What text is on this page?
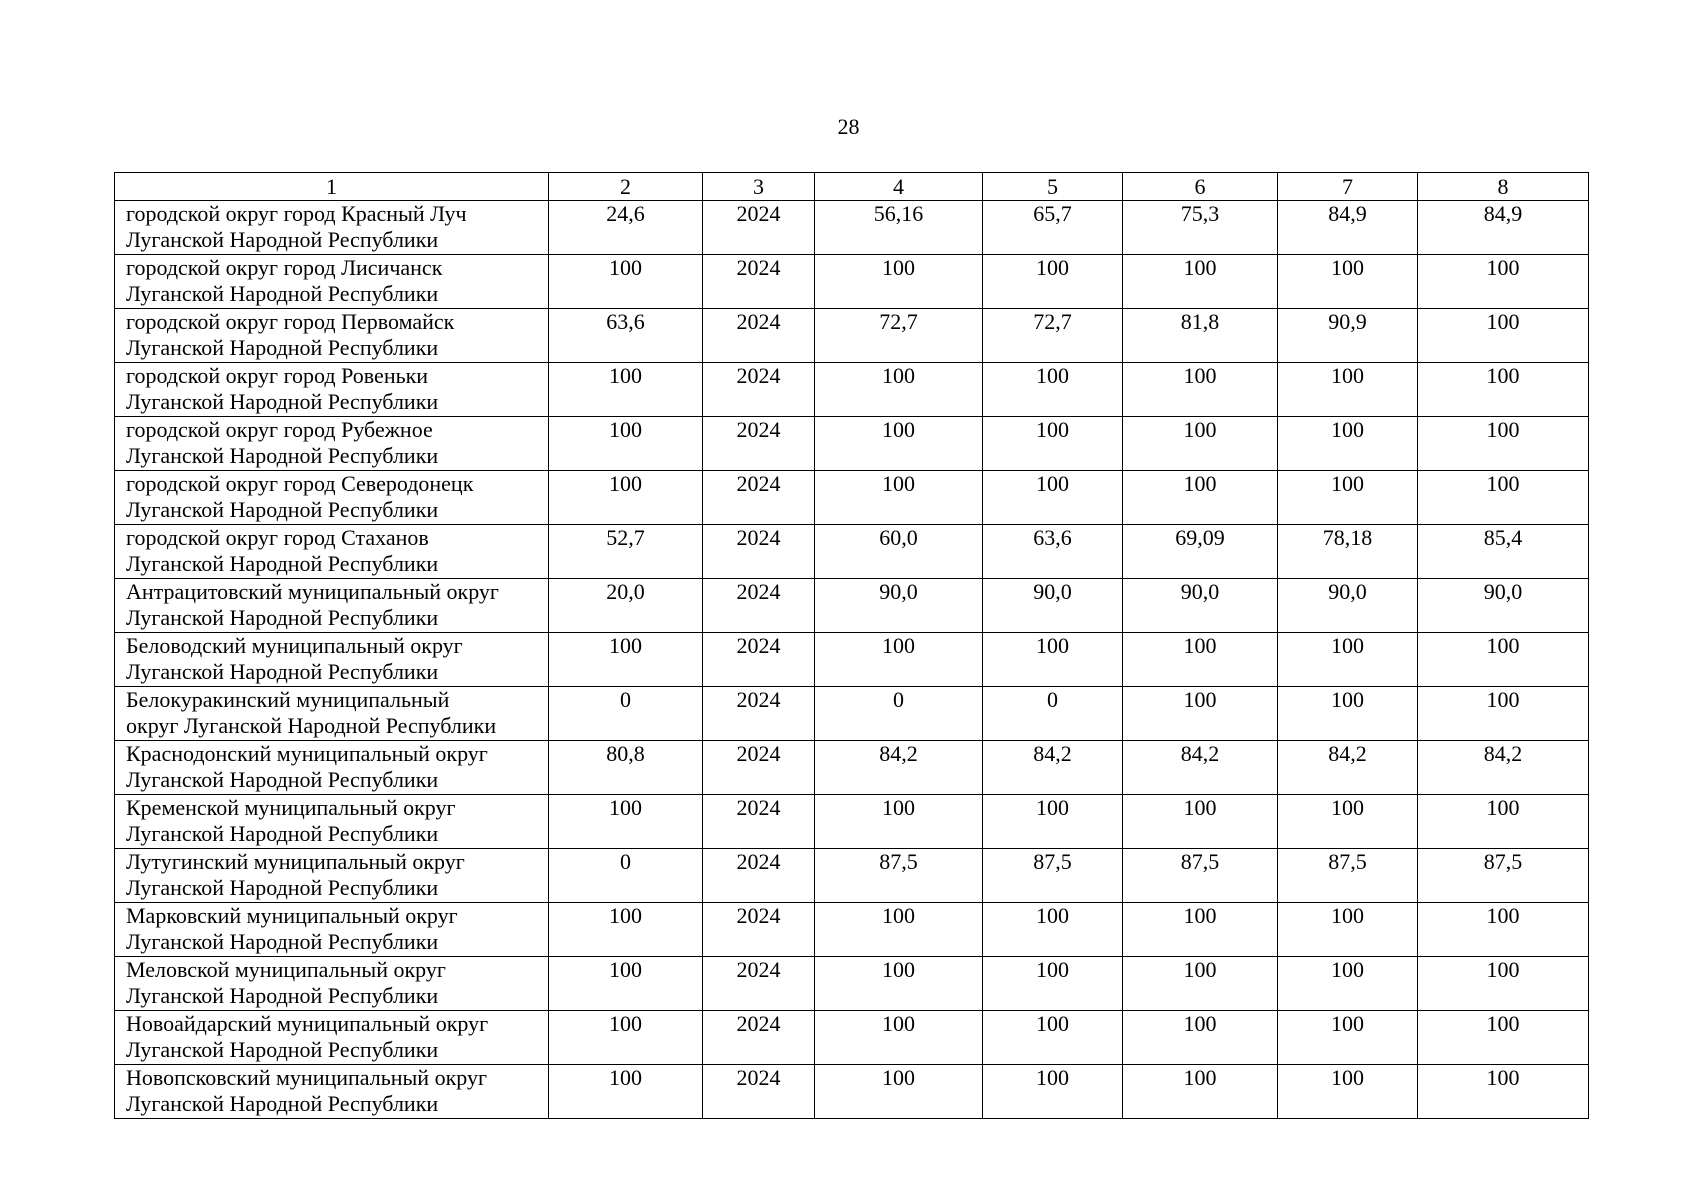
28
1	2	3	4	5	6	7	8

городской округ город Красный Луч
Луганской Народной Республики	24,6	2024	56,16	65,7	75,3	84,9	84,9

городской округ город Лисичанск
Луганской Народной Республики	100	2024	100	100	100	100	100

городской округ город Первомайск
Луганской Народной Республики	63,6	2024	72,7	72,7	81,8	90,9	100

городской округ город Ровеньки
Луганской Народной Республики	100	2024	100	100	100	100	100

городской округ город Рубежное
Луганской Народной Республики	100	2024	100	100	100	100	100

городской округ город Северодонецк
Луганской Народной Республики	100	2024	100	100	100	100	100

городской округ город Стаханов
Луганской Народной Республики	52,7	2024	60,0	63,6	69,09	78,18	85,4

Антрацитовский муниципальный округ
Луганской Народной Республики	20,0	2024	90,0	90,0	90,0	90,0	90,0

Беловодский муниципальный округ
Луганской Народной Республики	100	2024	100	100	100	100	100

Белокуракинский муниципальный
округ Луганской Народной Республики	0	2024	0	0	100	100	100

Краснодонский муниципальный округ
Луганской Народной Республики	80,8	2024	84,2	84,2	84,2	84,2	84,2

Кременской муниципальный округ
Луганской Народной Республики	100	2024	100	100	100	100	100

Лутугинский муниципальный округ
Луганской Народной Республики	0	2024	87,5	87,5	87,5	87,5	87,5

Марковский муниципальный округ
Луганской Народной Республики	100	2024	100	100	100	100	100

Меловской муниципальный округ
Луганской Народной Республики	100	2024	100	100	100	100	100

Новоайдарский муниципальный округ
Луганской Народной Республики	100	2024	100	100	100	100	100

Новопсковский муниципальный округ
Луганской Народной Республики	100	2024	100	100	100	100	100
